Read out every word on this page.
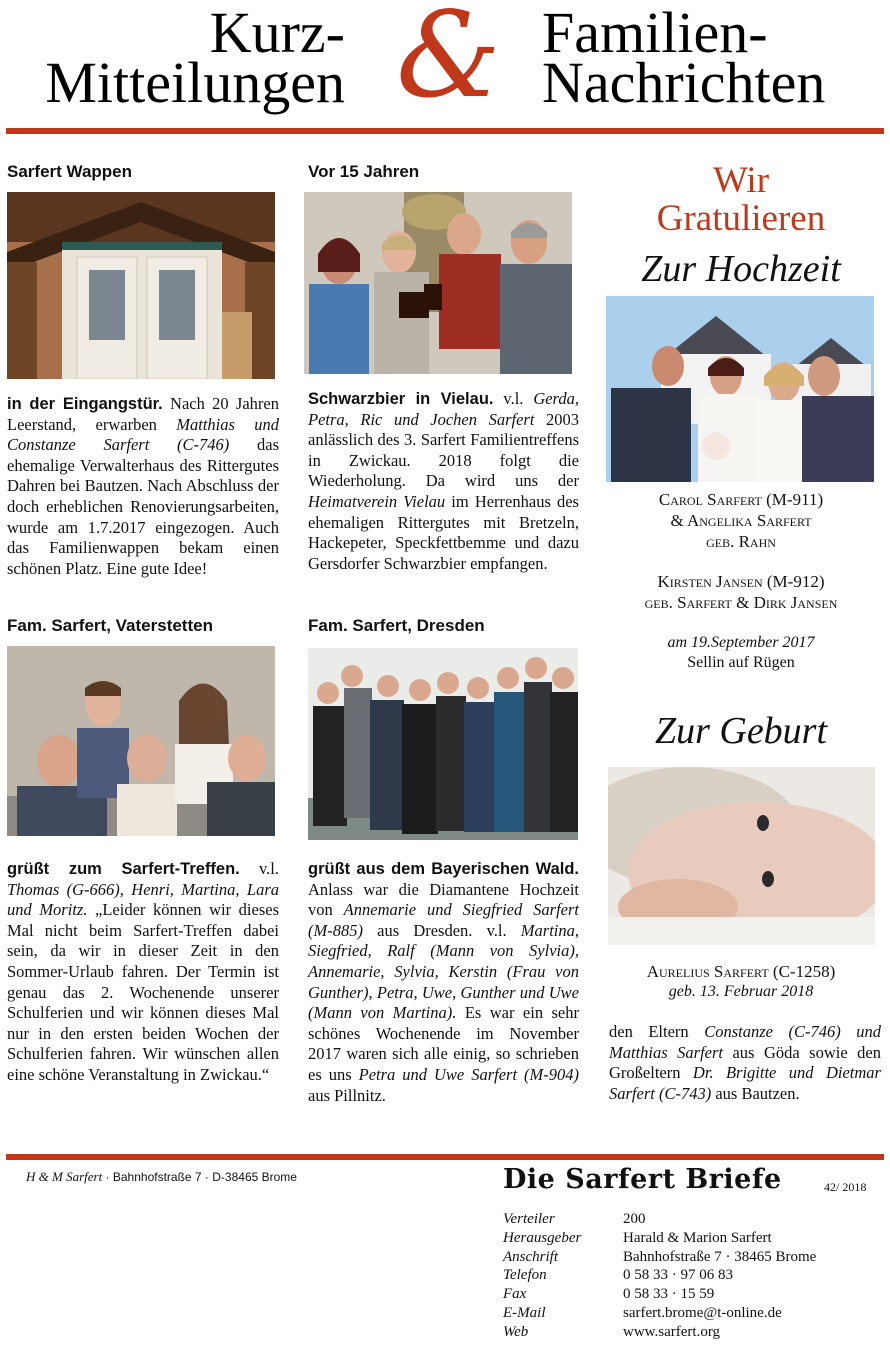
Kurz-
Mitteilungen & Familien-
Nachrichten
Sarfert Wappen
in der Eingangstür. Nach 20 Jahren Leerstand, erwarben Matthias und Constanze Sarfert (C-746) das ehemalige Verwalterhaus des Rittergutes Dahren bei Bautzen. Nach Abschluss der doch erheblichen Renovierungsarbeiten, wurde am 1.7.2017 eingezogen. Auch das Familienwappen bekam einen schönen Platz. Eine gute Idee!
Fam. Sarfert, Vaterstetten
grüßt zum Sarfert-Treffen. v.l. Thomas (G-666), Henri, Martina, Lara und Moritz. „Leider können wir dieses Mal nicht beim Sarfert-Treffen dabei sein, da wir in dieser Zeit in den Sommer-Urlaub fahren. Der Termin ist genau das 2. Wochenende unserer Schulferien und wir können dieses Mal nur in den ersten beiden Wochen der Schulferien fahren. Wir wünschen allen eine schöne Veranstaltung in Zwickau.“
Vor 15 Jahren
Schwarzbier in Vielau. v.l. Gerda, Petra, Ric und Jochen Sarfert 2003 anlässlich des 3. Sarfert Familientreffens in Zwickau. 2018 folgt die Wiederholung. Da wird uns der Heimatverein Vielau im Herrenhaus des ehemaligen Rittergutes mit Bretzeln, Hackepeter, Speckfettbemme und dazu Gersdorfer Schwarzbier empfangen.
Fam. Sarfert, Dresden
grüßt aus dem Bayerischen Wald. Anlass war die Diamantene Hochzeit von Annemarie und Siegfried Sarfert (M-885) aus Dresden. v.l. Martina, Siegfried, Ralf (Mann von Sylvia), Annemarie, Sylvia, Kerstin (Frau von Gunther), Petra, Uwe, Gunther und Uwe (Mann von Martina). Es war ein sehr schönes Wochenende im November 2017 waren sich alle einig, so schrieben es uns Petra und Uwe Sarfert (M-904) aus Pillnitz.
Wir
Gratulieren
Zur Hochzeit
Carol Sarfert (M-911)
& Angelika Sarfert
geb. Rahn
Kirsten Jansen (M-912)
geb. Sarfert & Dirk Jansen
am 19.September 2017
Sellin auf Rügen
Zur Geburt
Aurelius Sarfert (C-1258)
geb. 13. Februar 2018
den Eltern Constanze (C-746) und Matthias Sarfert aus Göda sowie den Großeltern Dr. Brigitte und Dietmar Sarfert (C-743) aus Bautzen.
H & M Sarfert · Bahnhofstraße 7 · D-38465 Brome	Die Sarfert Briefe	42/ 2018
Verteiler	200
Herausgeber	Harald & Marion Sarfert
Anschrift	Bahnhofstraße 7 · 38465 Brome
Telefon	0 58 33 · 97 06 83
Fax	0 58 33 · 15 59
E-Mail	sarfert.brome@t-online.de
Web	www.sarfert.org
